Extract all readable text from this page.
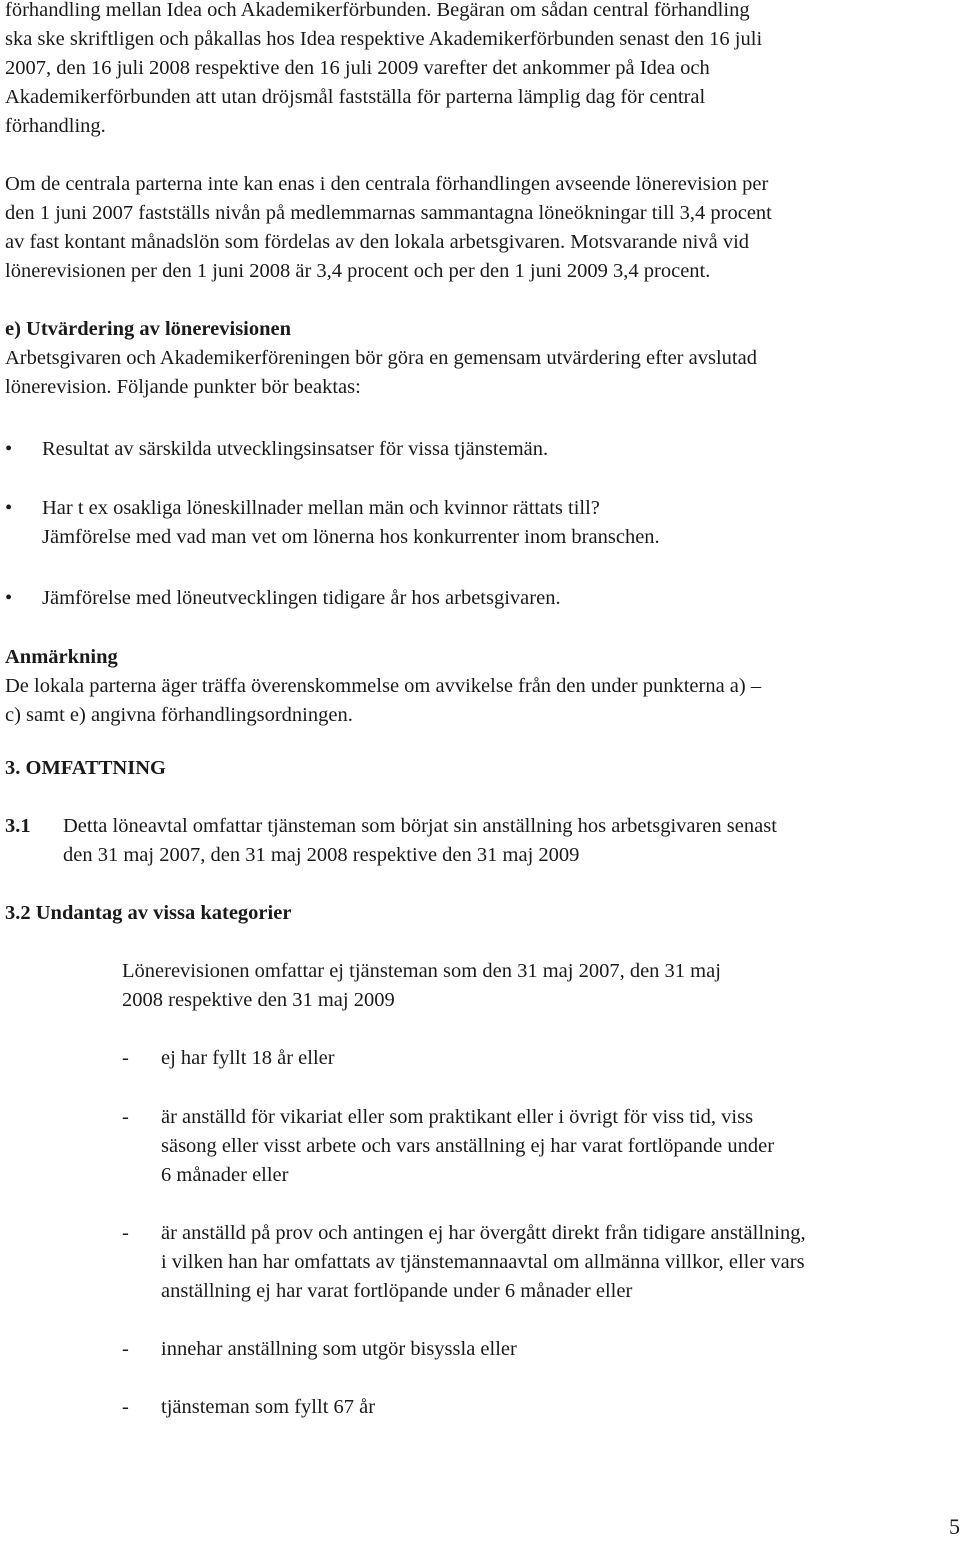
förhandling mellan Idea och Akademikerförbunden. Begäran om sådan central förhandling

ska ske skriftligen och påkallas hos Idea respektive Akademikerförbunden senast den 16 juli

2007, den 16 juli 2008 respektive den 16 juli 2009 varefter det ankommer på Idea och

Akademikerförbunden att utan dröjsmål fastställa för parterna lämplig dag för central

förhandling.

Om de centrala parterna inte kan enas i den centrala förhandlingen avseende lönerevision per

den 1 juni 2007 fastställs nivån på medlemmarnas sammantagna löneökningar till 3,4 procent

av fast kontant månadslön som fördelas av den lokala arbetsgivaren. Motsvarande nivå vid

lönerevisionen per den 1 juni 2008 är 3,4 procent och per den 1 juni 2009 3,4 procent.

e) Utvärdering av lönerevisionen

Arbetsgivaren och Akademikerföreningen bör göra en gemensam utvärdering efter avslutad

lönerevision. Följande punkter bör beaktas:

•	Resultat av särskilda utvecklingsinsatser för vissa tjänstemän.

•	Har t ex osakliga löneskillnader mellan män och kvinnor rättats till?

Jämförelse med vad man vet om lönerna hos konkurrenter inom branschen.

•	Jämförelse med löneutvecklingen tidigare år hos arbetsgivaren.

Anmärkning

De lokala parterna äger träffa överenskommelse om avvikelse från den under punkterna a) –

c) samt e) angivna förhandlingsordningen.

3. OMFATTNING

3.1 Detta löneavtal omfattar tjänsteman som börjat sin anställning hos arbetsgivaren senast

den 31 maj 2007, den 31 maj 2008 respektive den 31 maj 2009

3.2 Undantag av vissa kategorier

Lönerevisionen omfattar ej tjänsteman som den 31 maj 2007, den 31 maj

2008 respektive den 31 maj 2009

- ej har fyllt 18 år eller

- är anställd för vikariat eller som praktikant eller i övrigt för viss tid, viss

säsong eller visst arbete och vars anställning ej har varat fortlöpande under

6 månader eller

- är anställd på prov och antingen ej har övergått direkt från tidigare anställning,

i vilken han har omfattats av tjänstemannaavtal om allmänna villkor, eller vars

anställning ej har varat fortlöpande under 6 månader eller

- innehar anställning som utgör bisyssla eller

- tjänsteman som fyllt 67 år

5
